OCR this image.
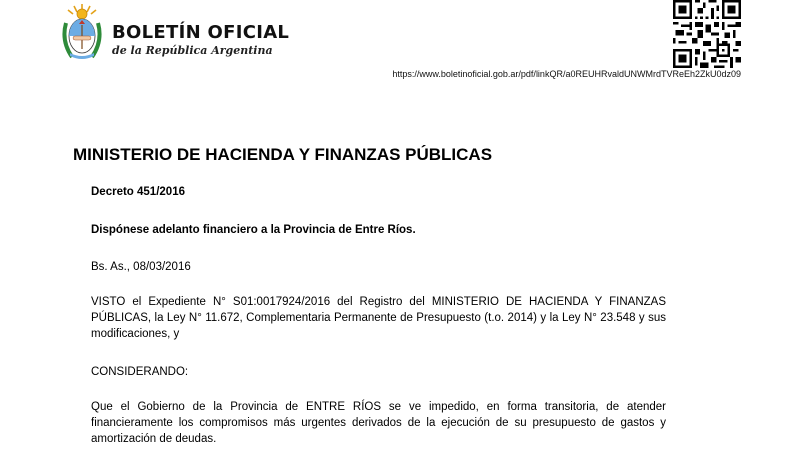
BOLETÍN OFICIAL
de la República Argentina
https://www.boletinoficial.gob.ar/pdf/linkQR/a0REUHRvaldUNWMrdTVReEh2ZkU0dz09
MINISTERIO DE HACIENDA Y FINANZAS PÚBLICAS
Decreto 451/2016
Dispónese adelanto financiero a la Provincia de Entre Ríos.
Bs. As., 08/03/2016
VISTO el Expediente N° S01:0017924/2016 del Registro del MINISTERIO DE HACIENDA Y FINANZAS PÚBLICAS, la Ley N° 11.672, Complementaria Permanente de Presupuesto (t.o. 2014) y la Ley N° 23.548 y sus modificaciones, y
CONSIDERANDO:
Que el Gobierno de la Provincia de ENTRE RÍOS se ve impedido, en forma transitoria, de atender financieramente los compromisos más urgentes derivados de la ejecución de su presupuesto de gastos y amortización de deudas.
